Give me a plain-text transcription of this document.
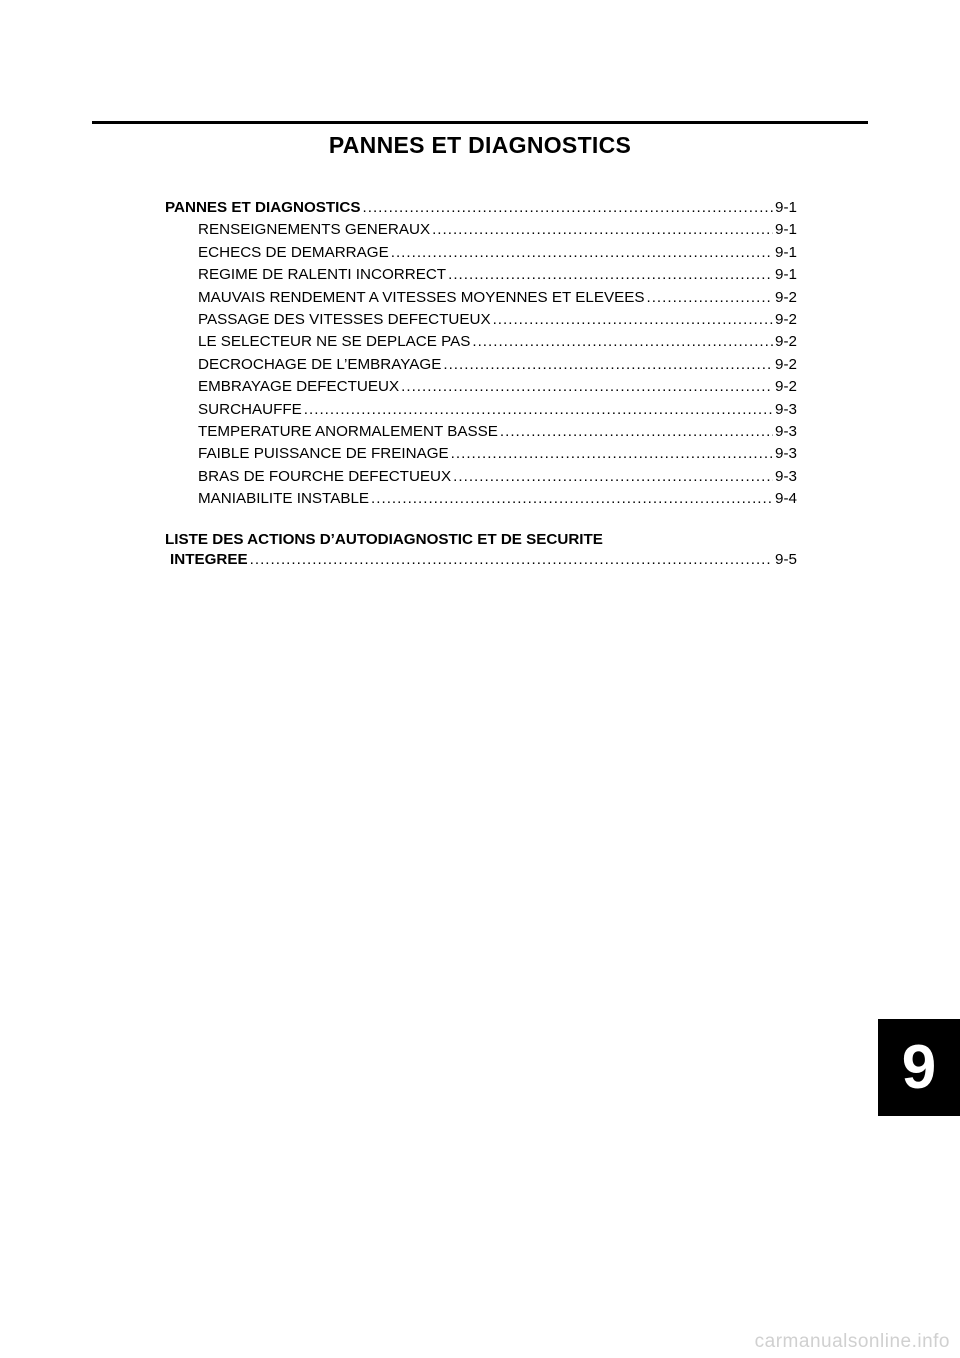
PANNES ET DIAGNOSTICS
PANNES ET DIAGNOSTICS .....	9-1
RENSEIGNEMENTS GENERAUX .....	9-1
ECHECS DE DEMARRAGE .....	9-1
REGIME DE RALENTI INCORRECT .....	9-1
MAUVAIS RENDEMENT A VITESSES MOYENNES ET ELEVEES .....	9-2
PASSAGE DES VITESSES DEFECTUEUX .....	9-2
LE SELECTEUR NE SE DEPLACE PAS .....	9-2
DECROCHAGE DE L’EMBRAYAGE .....	9-2
EMBRAYAGE DEFECTUEUX .....	9-2
SURCHAUFFE .....	9-3
TEMPERATURE ANORMALEMENT BASSE .....	9-3
FAIBLE PUISSANCE DE FREINAGE .....	9-3
BRAS DE FOURCHE DEFECTUEUX .....	9-3
MANIABILITE INSTABLE .....	9-4
LISTE DES ACTIONS D’AUTODIAGNOSTIC ET DE SECURITE
INTEGREE .....	9-5
9
carmanualsonline.info
